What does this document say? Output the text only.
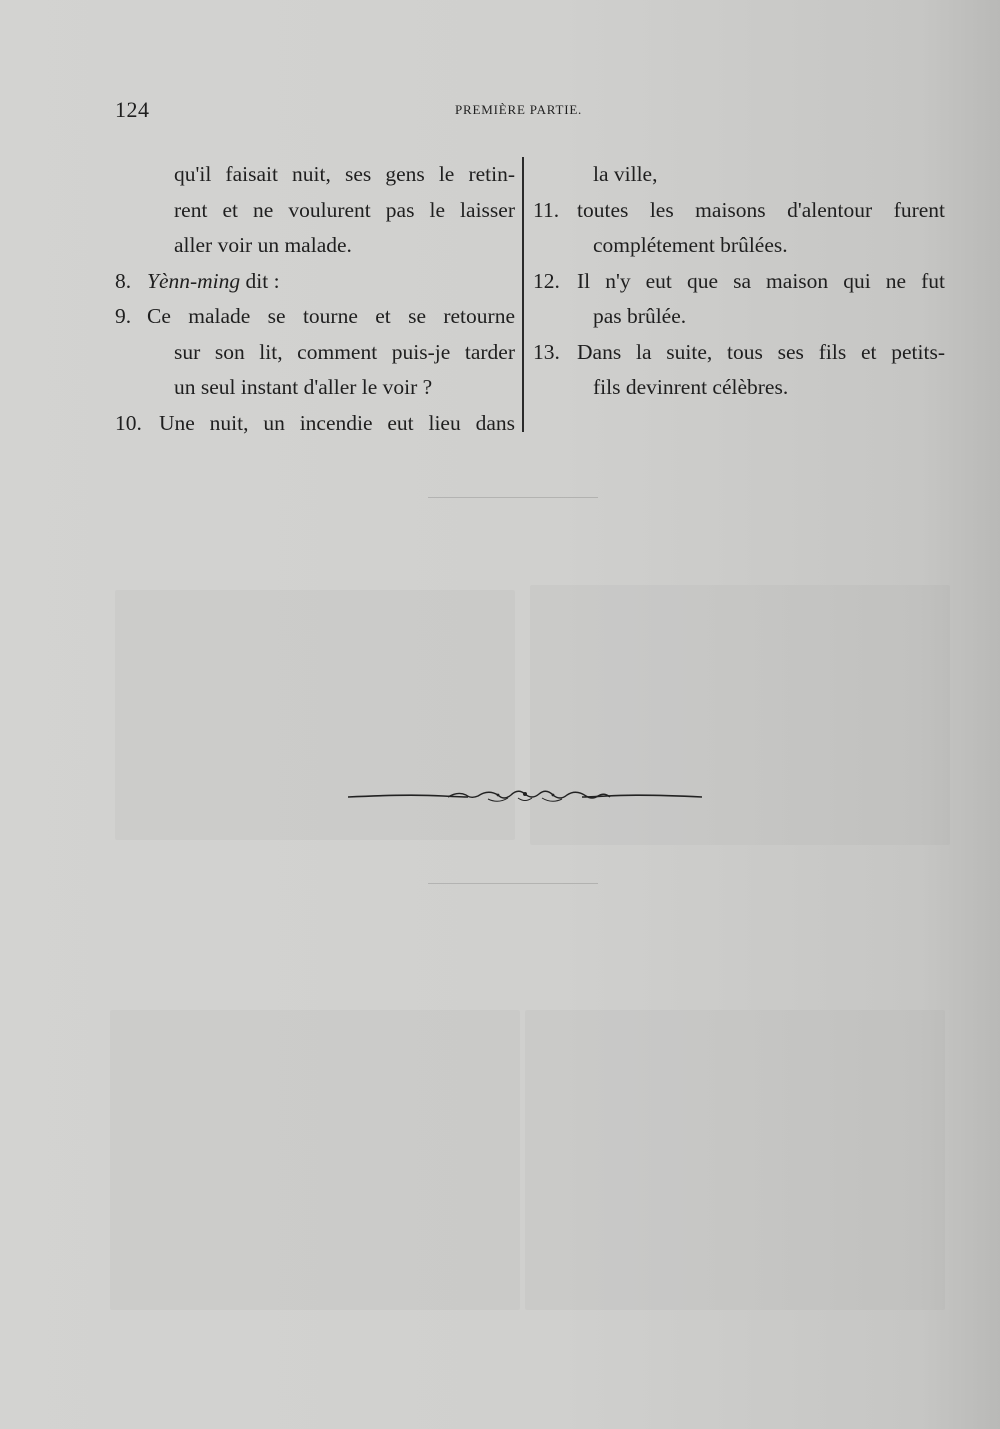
124	PREMIÈRE PARTIE.
qu'il faisait nuit, ses gens le retin-
rent et ne voulurent pas le laisser
aller voir un malade.
8. Yènn-ming dit :
9. Ce malade se tourne et se retourne
sur son lit, comment puis-je tarder
un seul instant d'aller le voir ?
10. Une nuit, un incendie eut lieu dans
la ville,
11. toutes les maisons d'alentour furent
complétement brûlées.
12. Il n'y eut que sa maison qui ne fut
pas brûlée.
13. Dans la suite, tous ses fils et petits-
fils devinrent célèbres.
